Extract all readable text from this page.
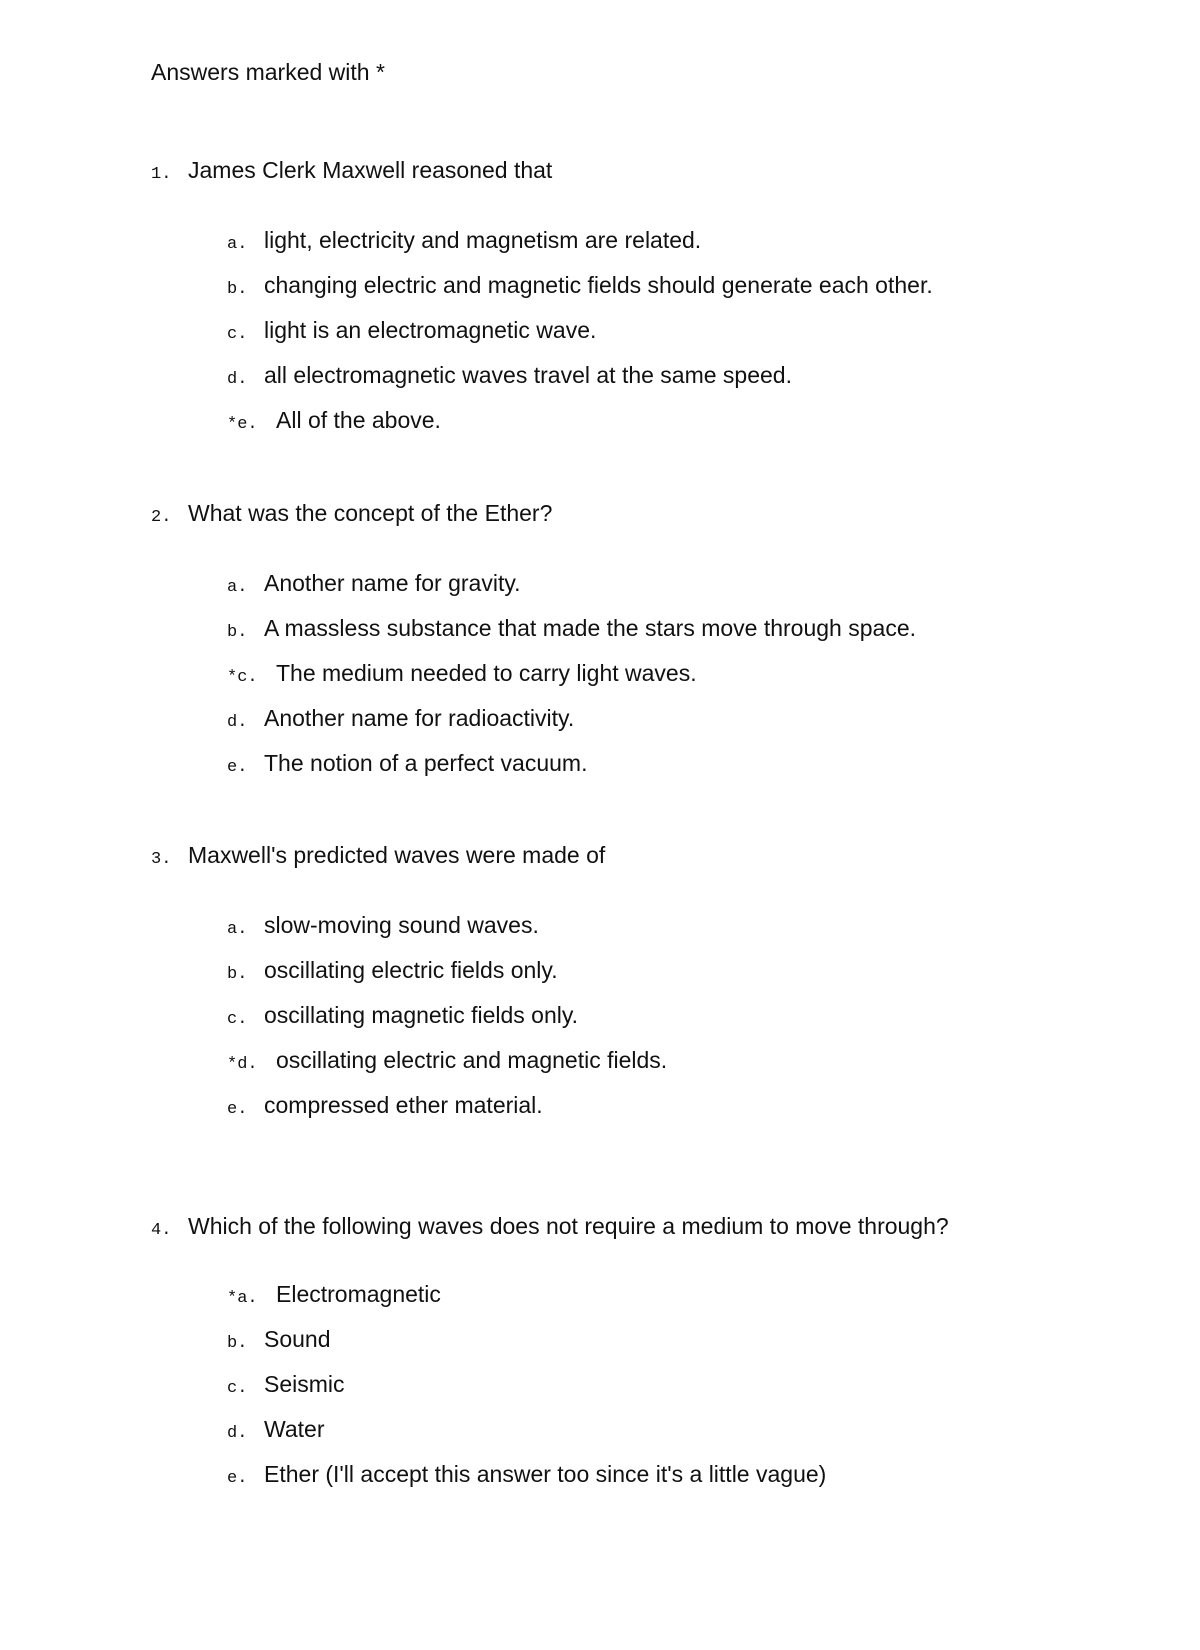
Answers marked with *
1. James Clerk Maxwell reasoned that
a. light, electricity and magnetism are related.
b. changing electric and magnetic fields should generate each other.
c. light is an electromagnetic wave.
d. all electromagnetic waves travel at the same speed.
*e. All of the above.
2. What was the concept of the Ether?
a. Another name for gravity.
b. A massless substance that made the stars move through space.
*c. The medium needed to carry light waves.
d. Another name for radioactivity.
e. The notion of a perfect vacuum.
3. Maxwell's predicted waves were made of
a. slow-moving sound waves.
b. oscillating electric fields only.
c. oscillating magnetic fields only.
*d. oscillating electric and magnetic fields.
e. compressed ether material.
4. Which of the following waves does not require a medium to move through?
*a. Electromagnetic
b. Sound
c. Seismic
d. Water
e. Ether (I'll accept this answer too since it's a little vague)
